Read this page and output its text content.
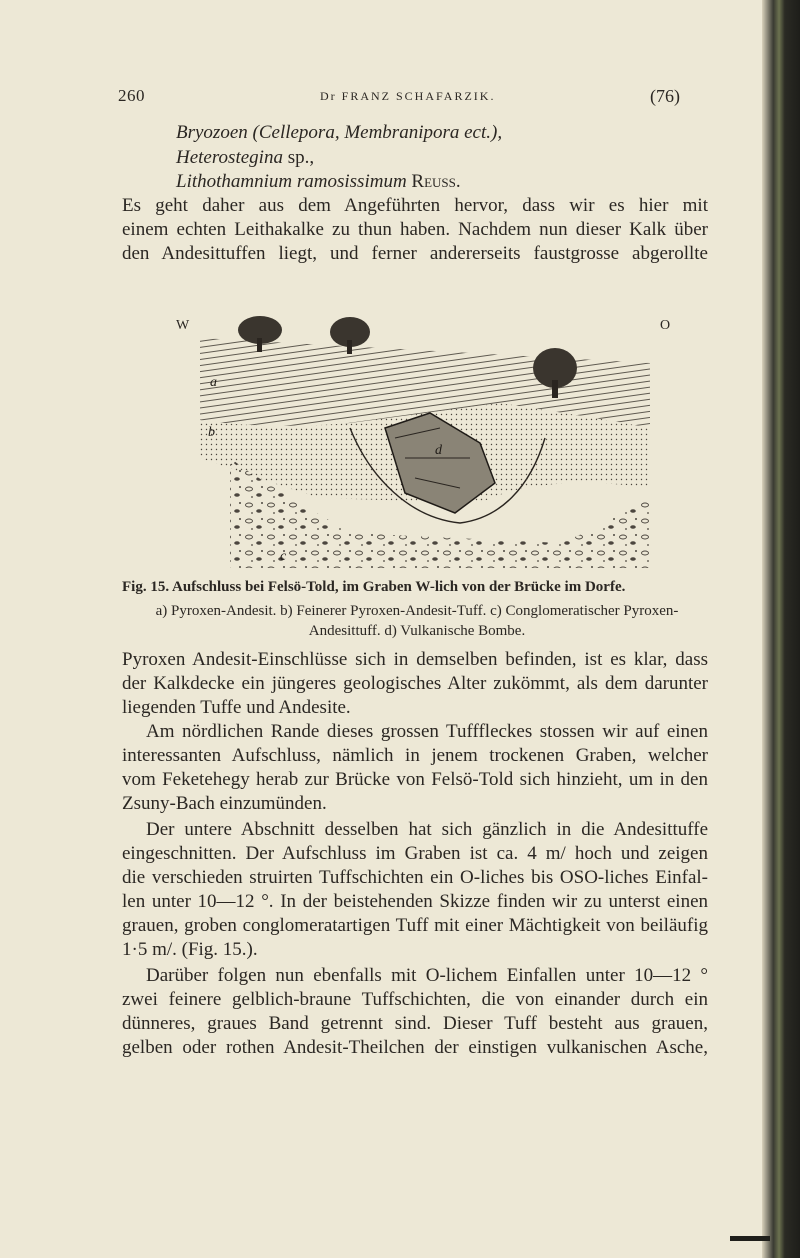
260	Dr FRANZ SCHAFARZIK.	(76)
Bryozoen (Cellepora, Membranipora ect.),
Heterostegina sp.,
Lithothamnium ramosissimum Reuss.
Es geht daher aus dem Angeführten hervor, dass wir es hier mit
einem echten Leithakalke zu thun haben. Nachdem nun dieser Kalk über
den Andesittuffen liegt, und ferner andererseits faustgrosse abgerollte
W	O
a
b
c
d
Fig. 15. Aufschluss bei Felsö-Told, im Graben W-lich von der Brücke im Dorfe.
a) Pyroxen-Andesit. b) Feinerer Pyroxen-Andesit-Tuff. c) Conglomeratischer Pyroxen-Andesittuff. d) Vulkanische Bombe.
Pyroxen Andesit-Einschlüsse sich in demselben befinden, ist es klar, dass
der Kalkdecke ein jüngeres geologisches Alter zukömmt, als dem darunter
liegenden Tuffe und Andesite.
Am nördlichen Rande dieses grossen Tufffleckes stossen wir auf einen
interessanten Aufschluss, nämlich in jenem trockenen Graben, welcher
vom Feketehegy herab zur Brücke von Felsö-Told sich hinzieht, um in den
Zsuny-Bach einzumünden.
Der untere Abschnitt desselben hat sich gänzlich in die Andesittuffe
eingeschnitten. Der Aufschluss im Graben ist ca. 4 m/ hoch und zeigen
die verschieden struirten Tuffschichten ein O-liches bis OSO-liches Einfal-
len unter 10—12 °. In der beistehenden Skizze finden wir zu unterst einen
grauen, groben conglomeratartigen Tuff mit einer Mächtigkeit von beiläufig
1·5 m/. (Fig. 15.).
Darüber folgen nun ebenfalls mit O-lichem Einfallen unter 10—12 °
zwei feinere gelblich-braune Tuffschichten, die von einander durch ein
dünneres, graues Band getrennt sind. Dieser Tuff besteht aus grauen,
gelben oder rothen Andesit-Theilchen der einstigen vulkanischen Asche,
